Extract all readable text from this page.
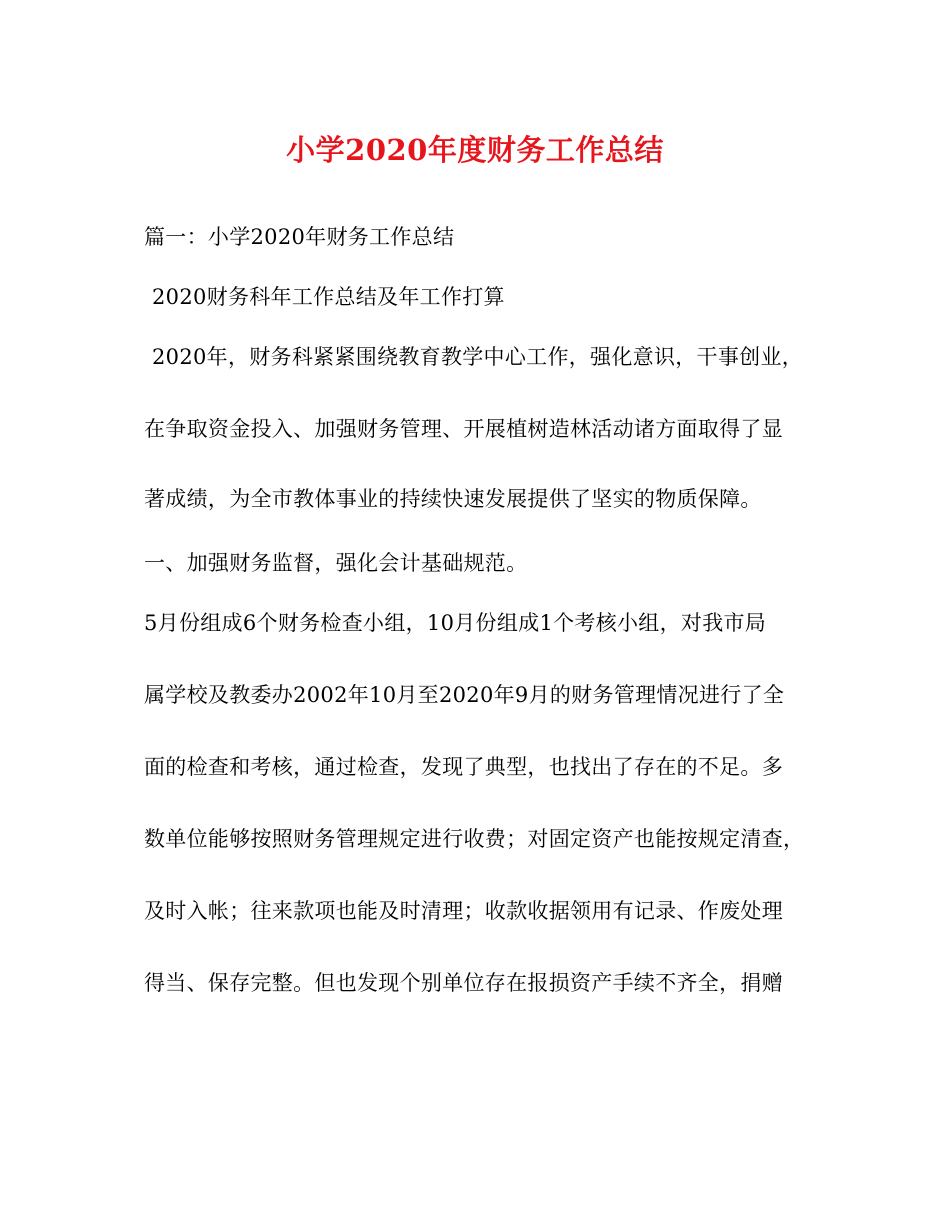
小学2020年度财务工作总结

篇一：小学2020年财务工作总结

2020财务科年工作总结及年工作打算

2020年，财务科紧紧围绕教育教学中心工作，强化意识，干事创业，

在争取资金投入、加强财务管理、开展植树造林活动诸方面取得了显

著成绩，为全市教体事业的持续快速发展提供了坚实的物质保障。

一、加强财务监督，强化会计基础规范。

5月份组成6个财务检查小组，10月份组成1个考核小组，对我市局

属学校及教委办2002年10月至2020年9月的财务管理情况进行了全

面的检查和考核，通过检查，发现了典型，也找出了存在的不足。多

数单位能够按照财务管理规定进行收费；对固定资产也能按规定清查，

及时入帐；往来款项也能及时清理；收款收据领用有记录、作废处理

得当、保存完整。但也发现个别单位存在报损资产手续不齐全，捐赠
